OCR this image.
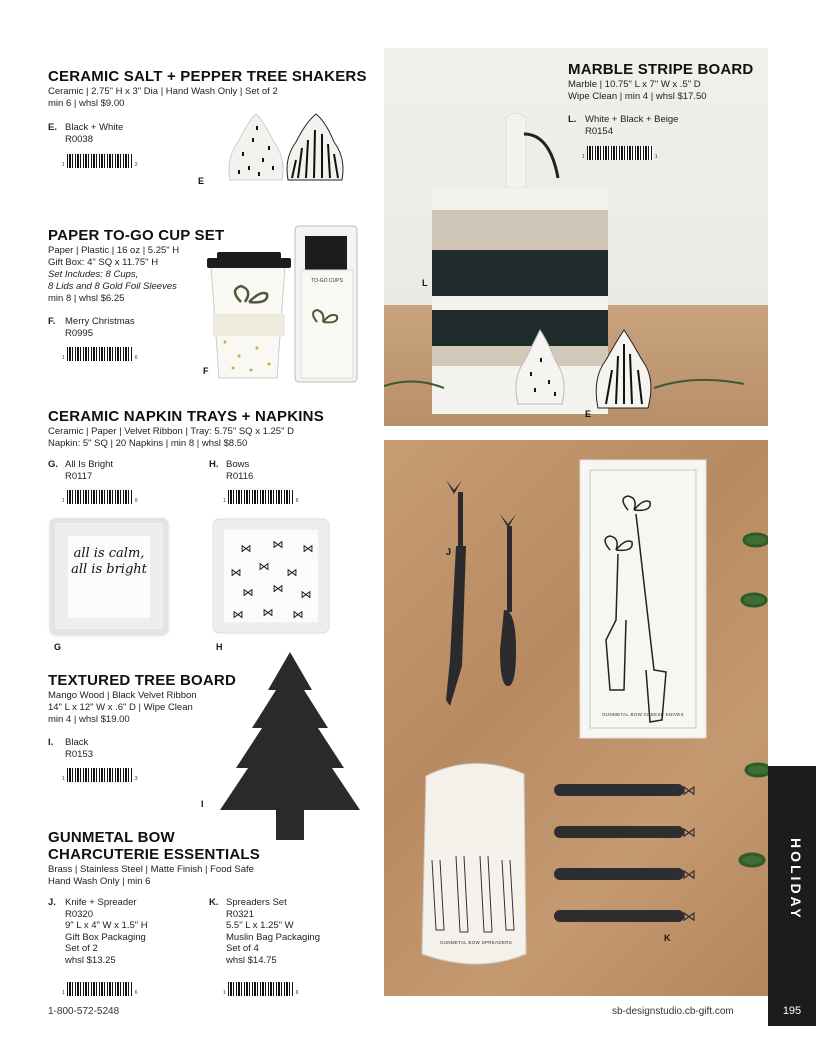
CERAMIC SALT + PEPPER TREE SHAKERS
Ceramic | 2.75" H x 3" Dia | Hand Wash Only | Set of 2
min 6 | whsl $9.00
E. Black + White
R0038
1	2
E
PAPER TO-GO CUP SET
Paper | Plastic | 16 oz | 5.25" H
Gift Box: 4" SQ x 11.75" H
Set Includes: 8 Cups,
8 Lids and 8 Gold Foil Sleeves
min 8 | whsl $6.25
F. Merry Christmas
R0995
1	6
TO-GO CUPS
F
CERAMIC NAPKIN TRAYS + NAPKINS
Ceramic | Paper | Velvet Ribbon | Tray: 5.75" SQ x 1.25" D
Napkin: 5" SQ | 20 Napkins | min 8 | whsl $8.50
G. All Is Bright
R0117
1	9
H. Bows
R0116
1	6
all is calm, all is bright
⋈ ⋈ ⋈
⋈ ⋈ ⋈
⋈ ⋈ ⋈
⋈ ⋈ ⋈
G	H
TEXTURED TREE BOARD
Mango Wood | Black Velvet Ribbon
14" L x 12" W x .6" D | Wipe Clean
min 4 | whsl $19.00
I. Black
R0153
1	3
I
GUNMETAL BOW
CHARCUTERIE ESSENTIALS
Brass | Stainless Steel | Matte Finish | Food Safe
Hand Wash Only | min 6
J. Knife + Spreader
R0320
9" L x 4" W x 1.5" H
Gift Box Packaging
Set of 2
whsl $13.25
1	6
K. Spreaders Set
R0321
5.5" L x 1.25" W
Muslin Bag Packaging
Set of 4
whsl $14.75
1	6
MARBLE STRIPE BOARD
Marble | 10.75" L x 7" W x .5" D
Wipe Clean | min 4 | whsl $17.50
L. White + Black + Beige
R0154
1	1
L
E
⋈
⋈
⋈
⋈
GUNMETAL BOW CHEESE KNIVES
GUNMETAL BOW SPREADERS
J
K
HOLIDAY
1-800-572-5248	sb-designstudio.cb-gift.com	195
